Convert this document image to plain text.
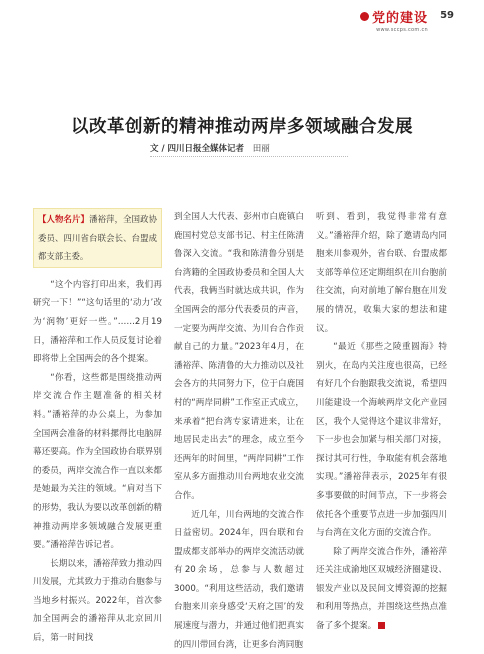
党的建设
www.sccps.com.cn
59
以改革创新的精神推动两岸多领域融合发展
文 / 四川日报全媒体记者 田丽
【人物名片】潘裕萍，全国政协委员、四川省台联会长、台盟成都支部主委。

“这个内容打印出来，我们再研究一下！”“这句话里的‘动力’改为‘润物’更好一些。”……2月19日，潘裕萍和工作人员反复讨论着即将带上全国两会的各个提案。

“你看，这些都是围绕推动两岸交流合作主题准备的相关材料。”潘裕萍的办公桌上，为参加全国两会准备的材料摞得比电脑屏幕还要高。作为全国政协台联界别的委员，两岸交流合作一直以来都是她最为关注的领域。“肩对当下的形势，我认为要以改革创新的精神推动两岸多领域融合发展更重要。”潘裕萍告诉记者。

长期以来，潘裕萍致力推动四川发展，尤其致力于推动台胞参与当地乡村振兴。2022年，首次参加全国两会的潘裕萍从北京回川后，第一时间找

到全国人大代表、彭州市白鹿镇白鹿国村党总支部书记、村主任陈清鲁深入交流。“我和陈清鲁分别是台湾籍的全国政协委员和全国人大代表，我俩当时就达成共识，作为全国两会的部分代表委员的声音，一定要为两岸交流、为川台合作贡献自己的力量。”2023年4月，在潘裕萍、陈清鲁的大力推动以及社会各方的共同努力下，位于白鹿国村的“两岸同耕”工作室正式成立，来承着“把台湾专家请进来，让在地居民走出去”的理念，成立至今还两年的时间里，“两岸同耕”工作室从多方面推动川台两地农业交流合作。

近几年，川台两地的交流合作日益密切。2024年，四台联和台盟成都支部举办的两岸交流活动就有20余场，总参与人数超过3000。“利用这些活动，我们邀请台胞来川亲身感受‘天府之国’的发展速度与潜力，并通过他们把真实的四川带回台湾，让更多台湾同胞

听到、看到，我觉得非常有意义。”潘裕萍介绍，除了邀请岛内同胞来川参观外，省台联、台盟成都支部等单位还定期组织在川台胞前往交流，向对前地了解台胞在川发展的情况，收集大家的想法和建议。

“最近《那些之陵重圆海》特别火，在岛内关注度也很高，已经有好几个台胞跟我交流说，希望四川能建设一个海峡两岸文化产业园区，我个人觉得这个建议非常好，下一步也会加紧与相关部门对接，探讨其可行性，争取能有机会落地实现。”潘裕萍表示，2025年有很多事要做的时间节点，下一步将会依托各个重要节点进一步加强四川与台湾在文化方面的交流合作。

除了两岸交流合作外，潘裕萍还关注成渝地区双城经济圈建设、银发产业以及民间文博资源的挖掘和利用等热点，并围绕这些热点准备了多个提案。
